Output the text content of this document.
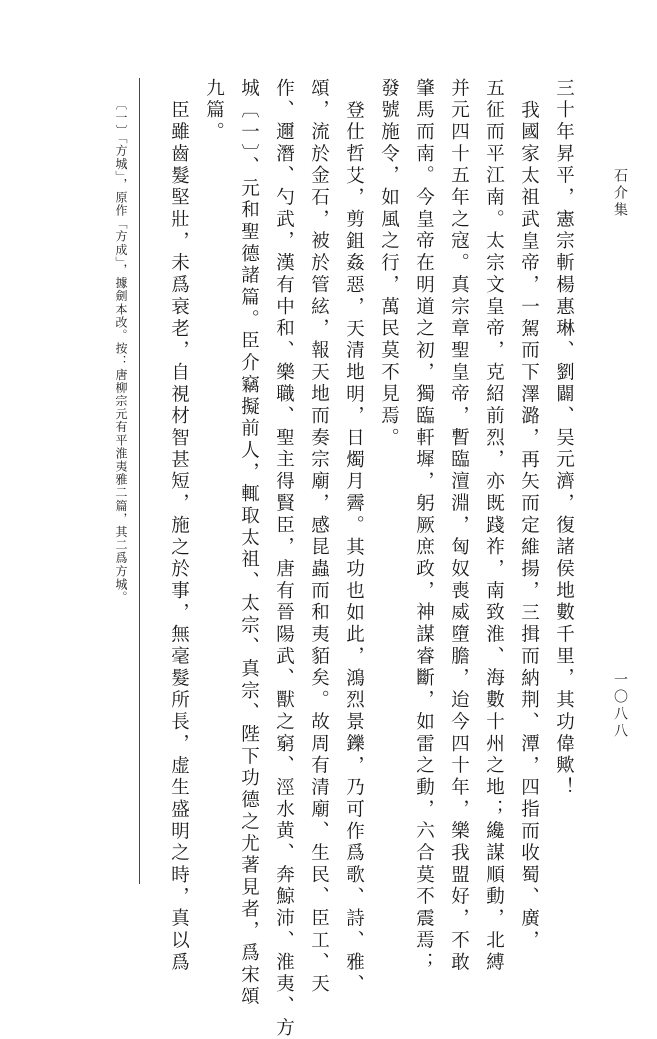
石介集
一〇八八
三十年昇平，憲宗斬楊惠琳、劉闢、吴元濟，復諸侯地數千里，其功偉歟！
我國家太祖武皇帝，一駕而下澤潞，再矢而定維揚，三揖而納荆、潭，四指而收蜀、廣，
五征而平江南。太宗文皇帝，克紹前烈，亦既踐祚，南致淮、海數十州之地；纔謀順動，北縛
并元四十五年之寇。真宗章聖皇帝，暫臨澶淵，匈奴喪威墮膽，迨今四十年，樂我盟好，不敢
肇馬而南。今皇帝在明道之初，獨臨軒墀，躬厥庶政，神謀睿斷，如雷之動，六合莫不震焉；
發號施令，如風之行，萬民莫不見焉。
登仕哲艾，剪鉏姦惡，天清地明，日燭月霽。其功也如此，鴻烈景鑠，乃可作爲歌、詩、雅、
頌，流於金石，被於管絃，報天地而奏宗廟，感昆蟲而和夷貊矣。故周有清廟、生民、臣工、天
作、邇潛、勺武，漢有中和、樂職、聖主得賢臣，唐有晉陽武、獸之窮、涇水黄、奔鯨沛、淮夷、方
城〔一〕、元和聖德諸篇。臣介竊擬前人，輒取太祖、太宗、真宗、陛下功德之尤著見者，爲宋頌
九篇。
臣雖齒髮堅壯，未爲衰老，自視材智甚短，施之於事，無毫髮所長，虚生盛明之時，真以爲
〔一〕「方城」，原作「方成」，據劍本改。按：唐柳宗元有平淮夷雅二篇，其二爲方城。
